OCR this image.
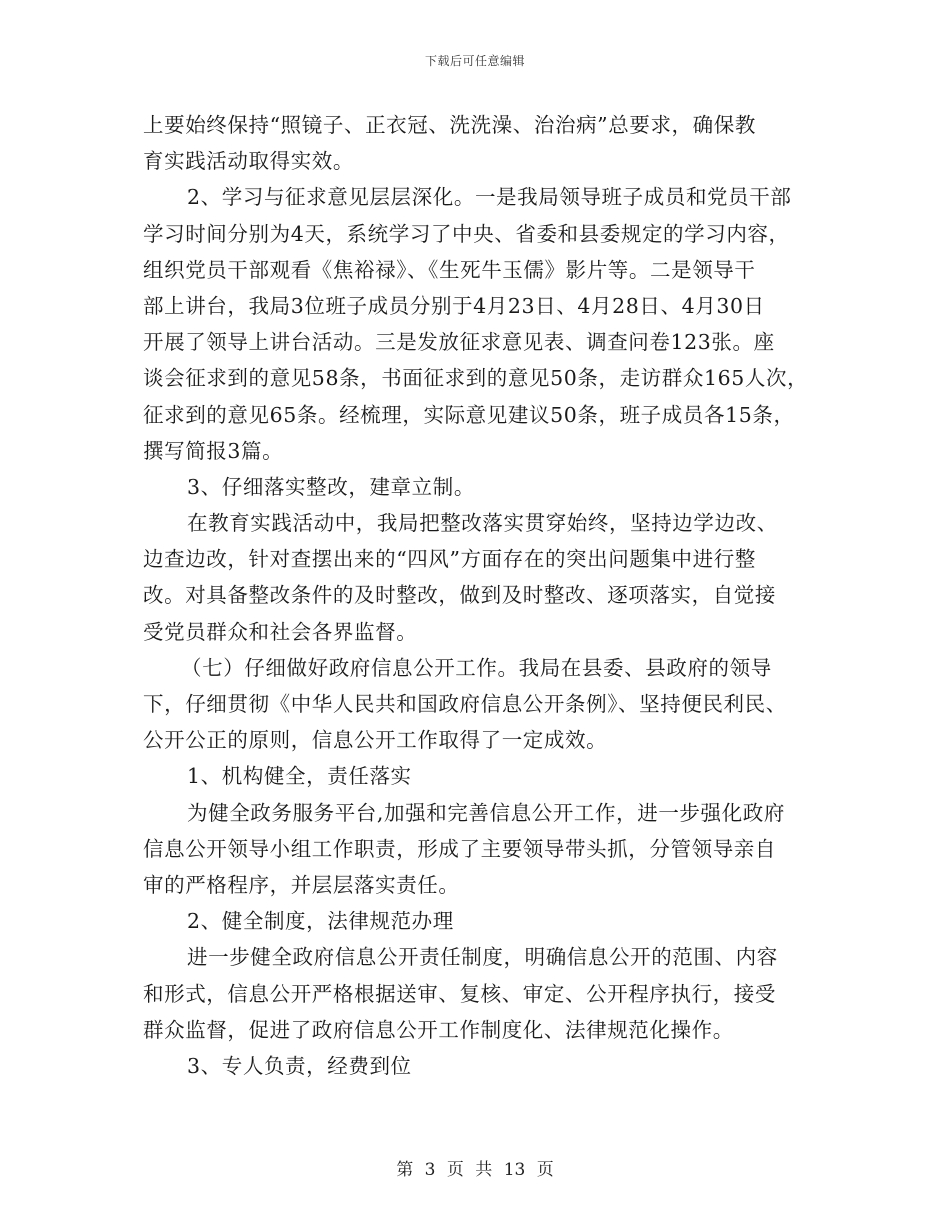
下载后可任意编辑
上要始终保持“照镜子、正衣冠、洗洗澡、治治病”总要求，确保教
育实践活动取得实效。
2、学习与征求意见层层深化。一是我局领导班子成员和党员干部
学习时间分别为4天，系统学习了中央、省委和县委规定的学习内容，
组织党员干部观看《焦裕禄》、《生死牛玉儒》影片等。二是领导干
部上讲台，我局3位班子成员分别于4月23日、4月28日、4月30日
开展了领导上讲台活动。三是发放征求意见表、调查问卷123张。座
谈会征求到的意见58条，书面征求到的意见50条，走访群众165人次，
征求到的意见65条。经梳理，实际意见建议50条，班子成员各15条，
撰写简报3篇。
3、仔细落实整改，建章立制。
在教育实践活动中，我局把整改落实贯穿始终，坚持边学边改、
边查边改，针对查摆出来的“四风”方面存在的突出问题集中进行整
改。对具备整改条件的及时整改，做到及时整改、逐项落实，自觉接
受党员群众和社会各界监督。
（七）仔细做好政府信息公开工作。我局在县委、县政府的领导
下，仔细贯彻《中华人民共和国政府信息公开条例》、坚持便民利民、
公开公正的原则，信息公开工作取得了一定成效。
1、机构健全，责任落实
为健全政务服务平台,加强和完善信息公开工作，进一步强化政府
信息公开领导小组工作职责，形成了主要领导带头抓，分管领导亲自
审的严格程序，并层层落实责任。
2、健全制度，法律规范办理
进一步健全政府信息公开责任制度，明确信息公开的范围、内容
和形式，信息公开严格根据送审、复核、审定、公开程序执行，接受
群众监督，促进了政府信息公开工作制度化、法律规范化操作。
3、专人负责，经费到位
第 3 页 共 13 页
